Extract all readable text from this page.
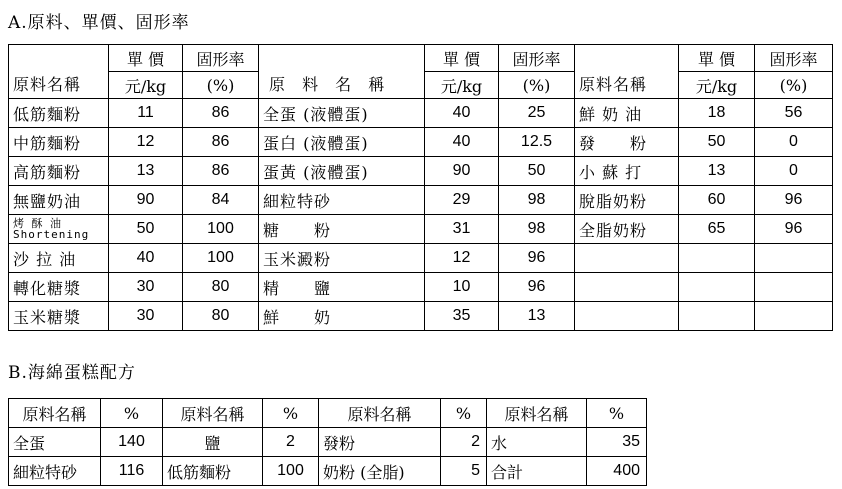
A.原料、單價、固形率
原料名稱	單 價	固形率	原 料 名 稱	單 價	固形率	原料名稱	單 價	固形率
	元/kg	(%)		元/kg	(%)		元/kg	(%)
低筋麵粉	11	86	全蛋 (液體蛋)	40	25	鮮 奶 油	18	56
中筋麵粉	12	86	蛋白 (液體蛋)	40	12.5	發　　粉	50	0
高筋麵粉	13	86	蛋黃 (液體蛋)	90	50	小 蘇 打	13	0
無鹽奶油	90	84	細粒特砂	29	98	脫脂奶粉	60	96

烤 酥 油
Shortening	50	100	糖　　粉	31	98	全脂奶粉	65	96
沙 拉 油	40	100	玉米澱粉	12	96			
轉化糖漿	30	80	精　　鹽	10	96			
玉米糖漿	30	80	鮮　　奶	35	13			
B.海綿蛋糕配方
原料名稱	%	原料名稱	%	原料名稱	%	原料名稱	%
全蛋	140	鹽	2	發粉	2	水	35
細粒特砂	116	低筋麵粉	100	奶粉 (全脂)	5	合計	400
